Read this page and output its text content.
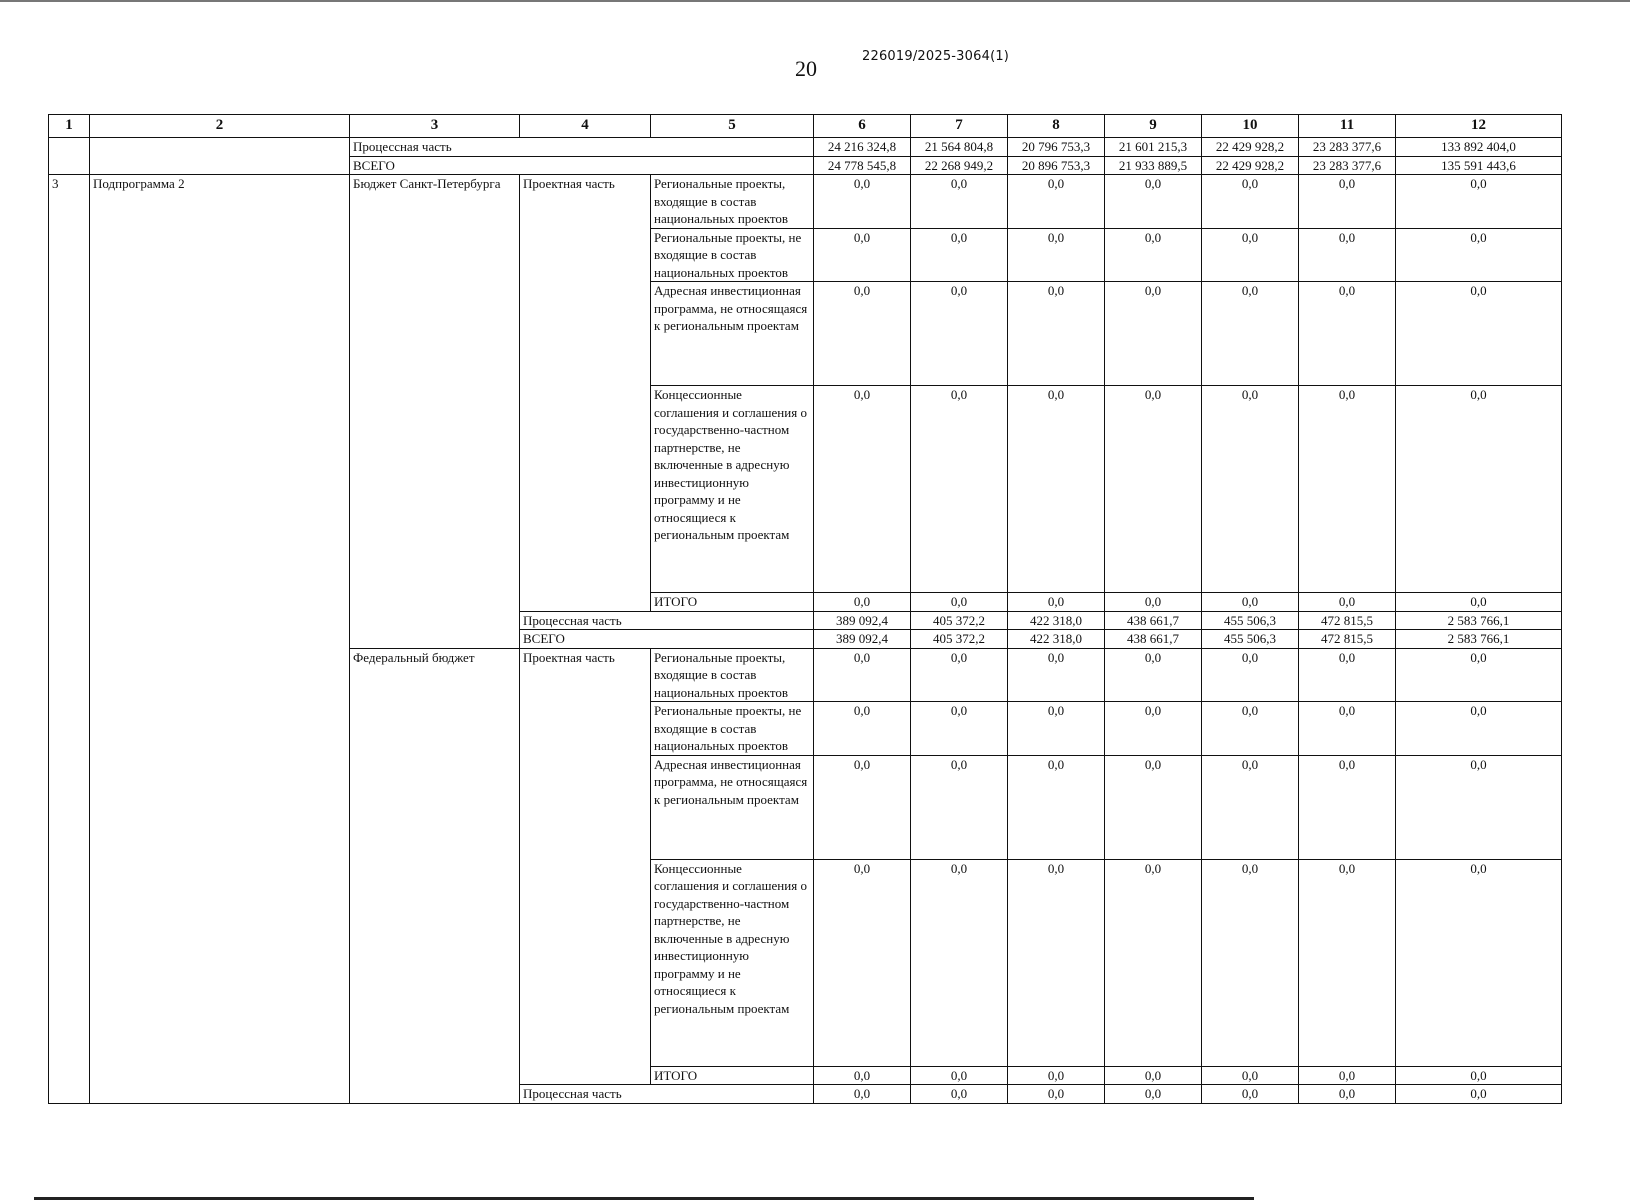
20	226019/2025-3064(1)
1	2	3	4	5	6	7	8	9	10	11	12
		Процессная часть			24 216 324,8	21 564 804,8	20 796 753,3	21 601 215,3	22 429 928,2	23 283 377,6	133 892 404,0
		ВСЕГО			24 778 545,8	22 268 949,2	20 896 753,3	21 933 889,5	22 429 928,2	23 283 377,6	135 591 443,6
3	Подпрограмма 2	Бюджет Санкт-Петербурга	Проектная часть	Региональные проекты, входящие в состав национальных проектов	0,0	0,0	0,0	0,0	0,0	0,0	0,0
				Региональные проекты, не входящие в состав национальных проектов	0,0	0,0	0,0	0,0	0,0	0,0	0,0
				Адресная инвестиционная программа, не относящаяся к региональным проектам	0,0	0,0	0,0	0,0	0,0	0,0	0,0
				Концессионные соглашения и соглашения о государственно-частном партнерстве, не включенные в адресную инвестиционную программу и не относящиеся к региональным проектам	0,0	0,0	0,0	0,0	0,0	0,0	0,0
				ИТОГО	0,0	0,0	0,0	0,0	0,0	0,0	0,0
			Процессная часть		389 092,4	405 372,2	422 318,0	438 661,7	455 506,3	472 815,5	2 583 766,1
			ВСЕГО		389 092,4	405 372,2	422 318,0	438 661,7	455 506,3	472 815,5	2 583 766,1
		Федеральный бюджет	Проектная часть	Региональные проекты, входящие в состав национальных проектов	0,0	0,0	0,0	0,0	0,0	0,0	0,0
				Региональные проекты, не входящие в состав национальных проектов	0,0	0,0	0,0	0,0	0,0	0,0	0,0
				Адресная инвестиционная программа, не относящаяся к региональным проектам	0,0	0,0	0,0	0,0	0,0	0,0	0,0
				Концессионные соглашения и соглашения о государственно-частном партнерстве, не включенные в адресную инвестиционную программу и не относящиеся к региональным проектам	0,0	0,0	0,0	0,0	0,0	0,0	0,0
				ИТОГО	0,0	0,0	0,0	0,0	0,0	0,0	0,0
			Процессная часть		0,0	0,0	0,0	0,0	0,0	0,0	0,0
